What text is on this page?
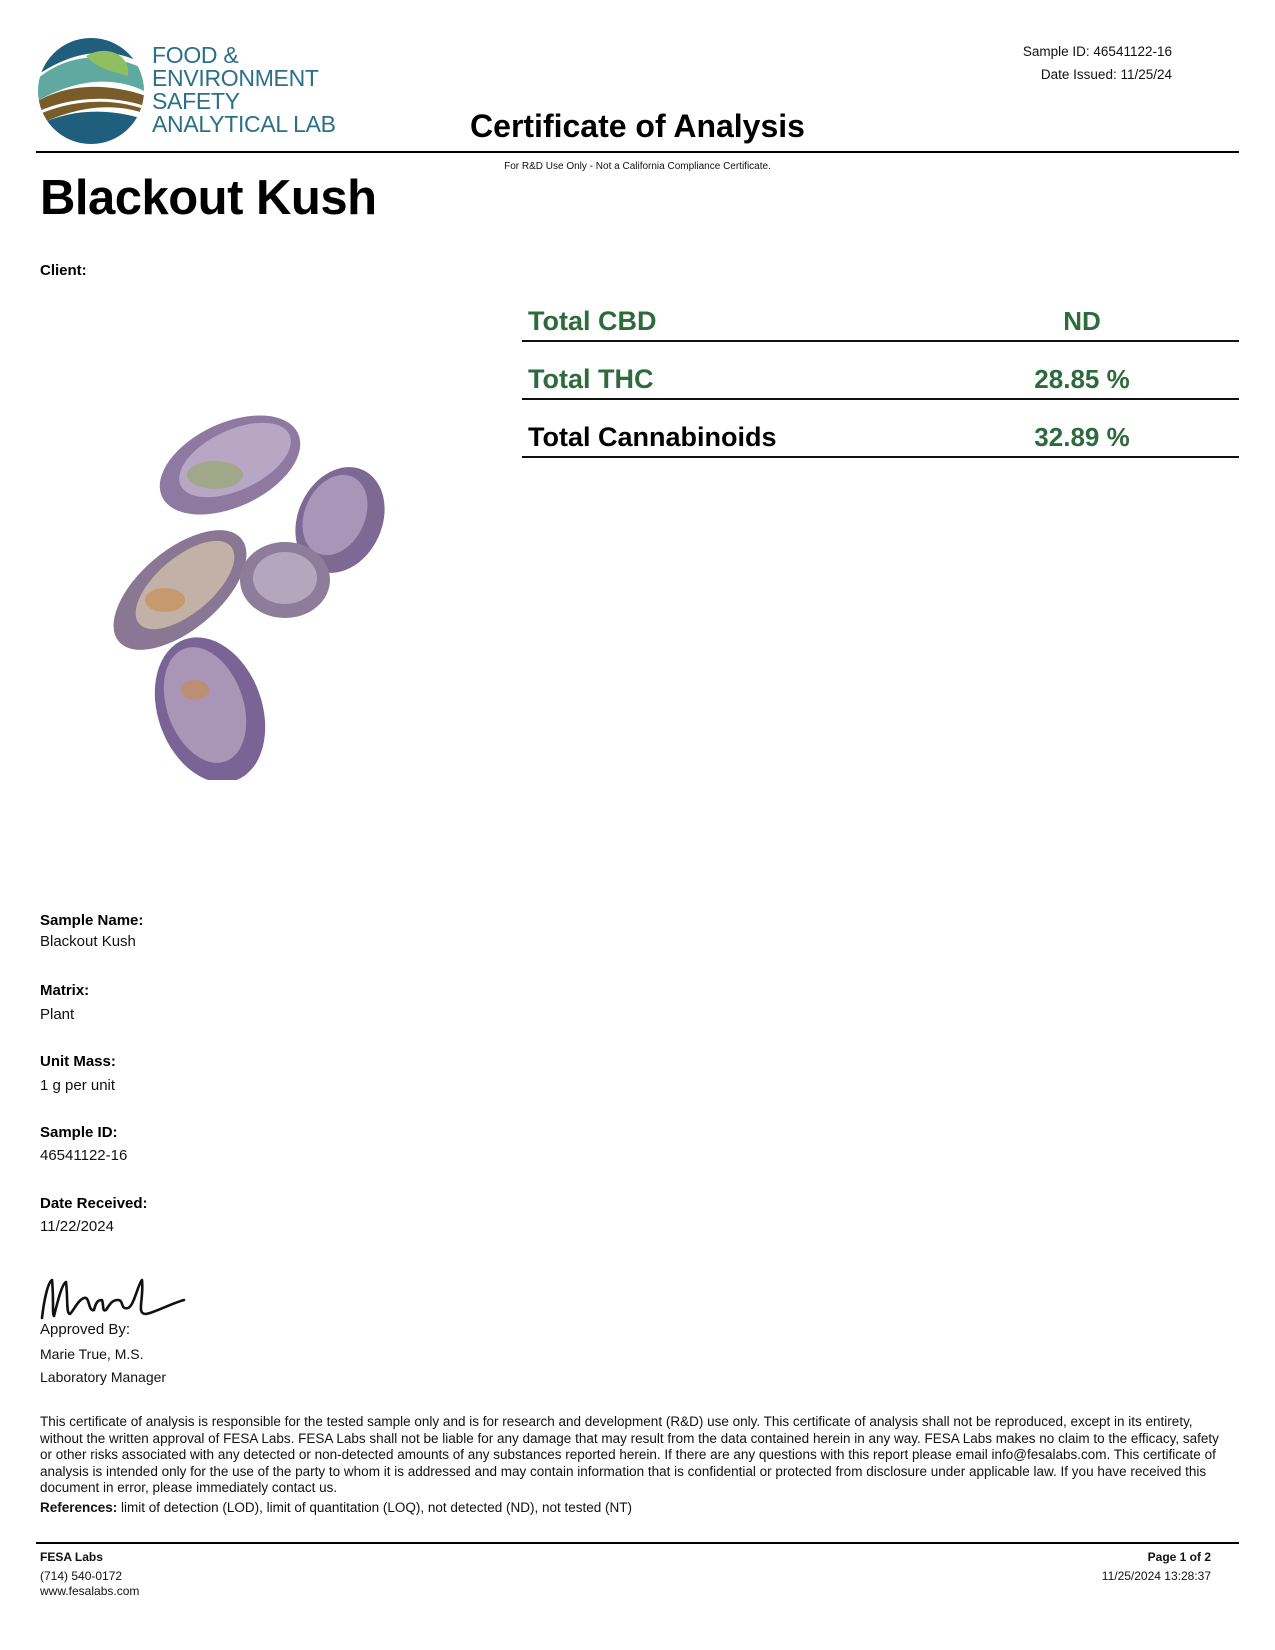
FOOD &
ENVIRONMENT
SAFETY
ANALYTICAL LAB
Sample ID: 46541122-16
Date Issued: 11/25/24
Certificate of Analysis
For R&D Use Only - Not a California Compliance Certificate.
Blackout Kush
Client:
Total CBD	ND
Total THC	28.85 %
Total Cannabinoids	32.89 %
Sample Name:
Blackout Kush
Matrix:
Plant
Unit Mass:
1 g per unit
Sample ID:
46541122-16
Date Received:
11/22/2024
Approved By:
Marie True, M.S.
Laboratory Manager
This certificate of analysis is responsible for the tested sample only and is for research and development (R&D) use only. This certificate of analysis shall not be reproduced, except in its entirety, without the written approval of FESA Labs. FESA Labs shall not be liable for any damage that may result from the data contained herein in any way. FESA Labs makes no claim to the efficacy, safety or other risks associated with any detected or non-detected amounts of any substances reported herein. If there are any questions with this report please email info@fesalabs.com. This certificate of analysis is intended only for the use of the party to whom it is addressed and may contain information that is confidential or protected from disclosure under applicable law. If you have received this document in error, please immediately contact us.
References: limit of detection (LOD), limit of quantitation (LOQ), not detected (ND), not tested (NT)
FESA Labs
(714) 540-0172
www.fesalabs.com
Page 1 of 2
11/25/2024 13:28:37
